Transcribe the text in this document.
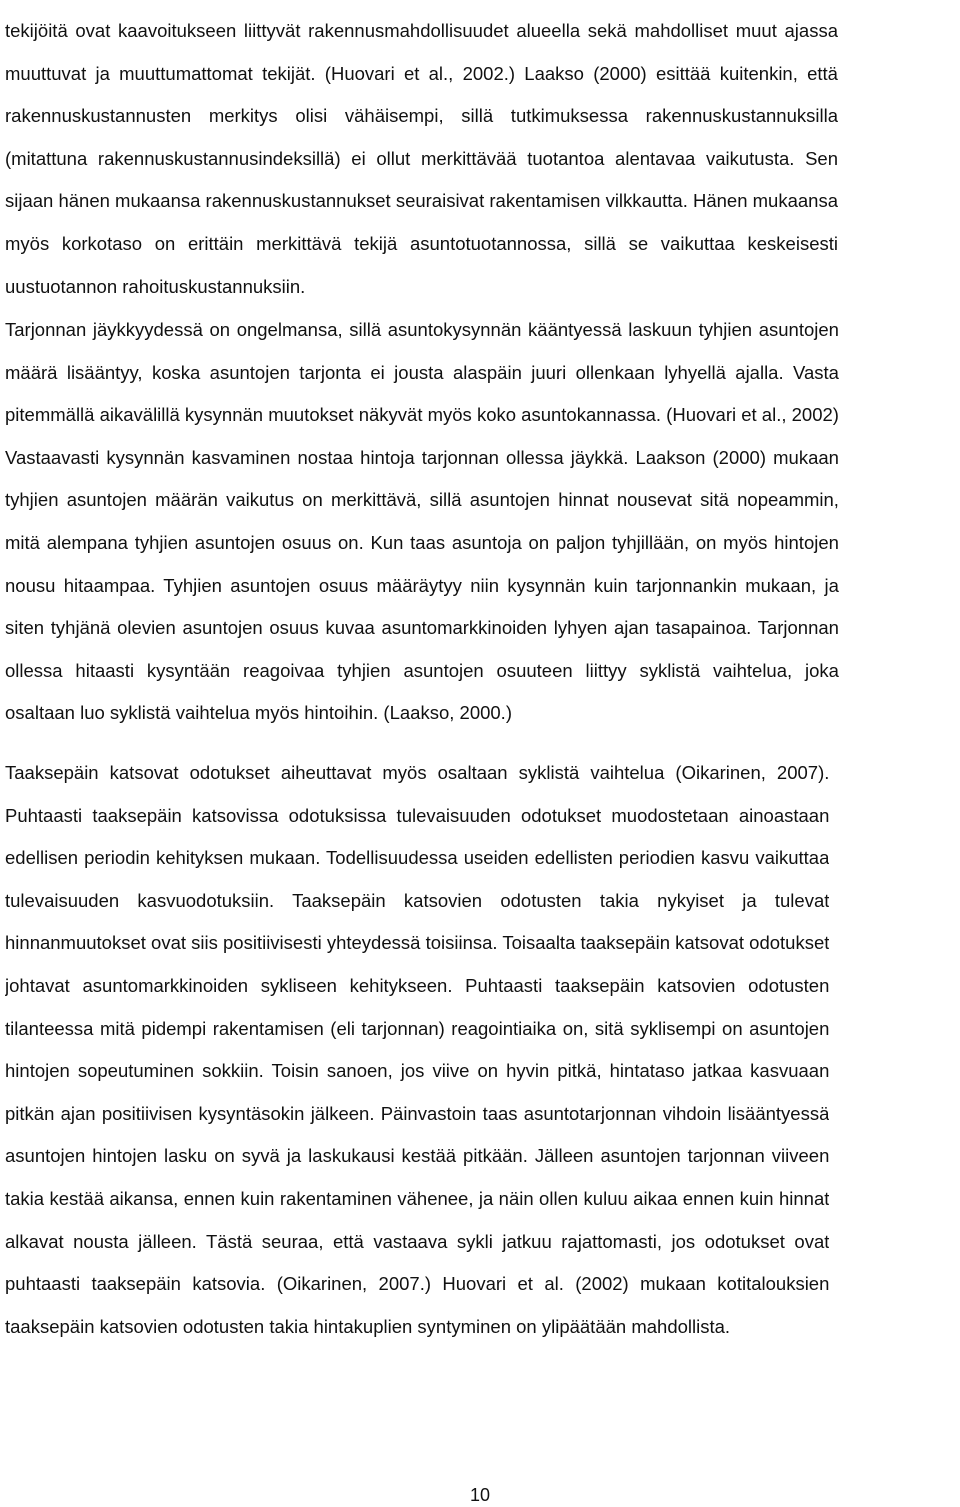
tekijöitä ovat kaavoitukseen liittyvät rakennusmahdollisuudet alueella sekä mahdolliset muut ajassa
muuttuvat ja muuttumattomat tekijät. (Huovari et al., 2002.) Laakso (2000) esittää kuitenkin, että
rakennuskustannusten merkitys olisi vähäisempi, sillä tutkimuksessa rakennuskustannuksilla
(mitattuna rakennuskustannusindeksillä) ei ollut merkittävää tuotantoa alentavaa vaikutusta. Sen
sijaan hänen mukaansa rakennuskustannukset seuraisivat rakentamisen vilkkautta. Hänen mukaansa
myös korkotaso on erittäin merkittävä tekijä asuntotuotannossa, sillä se vaikuttaa keskeisesti
uustuotannon rahoituskustannuksiin.
Tarjonnan jäykkyydessä on ongelmansa, sillä asuntokysynnän kääntyessä laskuun tyhjien asuntojen
määrä lisääntyy, koska asuntojen tarjonta ei jousta alaspäin juuri ollenkaan lyhyellä ajalla. Vasta
pitemmällä aikavälillä kysynnän muutokset näkyvät myös koko asuntokannassa. (Huovari et al., 2002)
Vastaavasti kysynnän kasvaminen nostaa hintoja tarjonnan ollessa jäykkä. Laakson (2000) mukaan
tyhjien asuntojen määrän vaikutus on merkittävä, sillä asuntojen hinnat nousevat sitä nopeammin,
mitä alempana tyhjien asuntojen osuus on. Kun taas asuntoja on paljon tyhjillään, on myös hintojen
nousu hitaampaa. Tyhjien asuntojen osuus määräytyy niin kysynnän kuin tarjonnankin mukaan, ja
siten tyhjänä olevien asuntojen osuus kuvaa asuntomarkkinoiden lyhyen ajan tasapainoa. Tarjonnan
ollessa hitaasti kysyntään reagoivaa tyhjien asuntojen osuuteen liittyy syklistä vaihtelua, joka
osaltaan luo syklistä vaihtelua myös hintoihin. (Laakso, 2000.)
Taaksepäin katsovat odotukset aiheuttavat myös osaltaan syklistä vaihtelua (Oikarinen, 2007).
Puhtaasti taaksepäin katsovissa odotuksissa tulevaisuuden odotukset muodostetaan ainoastaan
edellisen periodin kehityksen mukaan. Todellisuudessa useiden edellisten periodien kasvu vaikuttaa
tulevaisuuden kasvuodotuksiin. Taaksepäin katsovien odotusten takia nykyiset ja tulevat
hinnanmuutokset ovat siis positiivisesti yhteydessä toisiinsa. Toisaalta taaksepäin katsovat odotukset
johtavat asuntomarkkinoiden sykliseen kehitykseen. Puhtaasti taaksepäin katsovien odotusten
tilanteessa mitä pidempi rakentamisen (eli tarjonnan) reagointiaika on, sitä syklisempi on asuntojen
hintojen sopeutuminen sokkiin. Toisin sanoen, jos viive on hyvin pitkä, hintataso jatkaa kasvuaan
pitkän ajan positiivisen kysyntäsokin jälkeen. Päinvastoin taas asuntotarjonnan vihdoin lisääntyessä
asuntojen hintojen lasku on syvä ja laskukausi kestää pitkään. Jälleen asuntojen tarjonnan viiveen
takia kestää aikansa, ennen kuin rakentaminen vähenee, ja näin ollen kuluu aikaa ennen kuin hinnat
alkavat nousta jälleen. Tästä seuraa, että vastaava sykli jatkuu rajattomasti, jos odotukset ovat
puhtaasti taaksepäin katsovia. (Oikarinen, 2007.) Huovari et al. (2002) mukaan kotitalouksien
taaksepäin katsovien odotusten takia hintakuplien syntyminen on ylipäätään mahdollista.
10
